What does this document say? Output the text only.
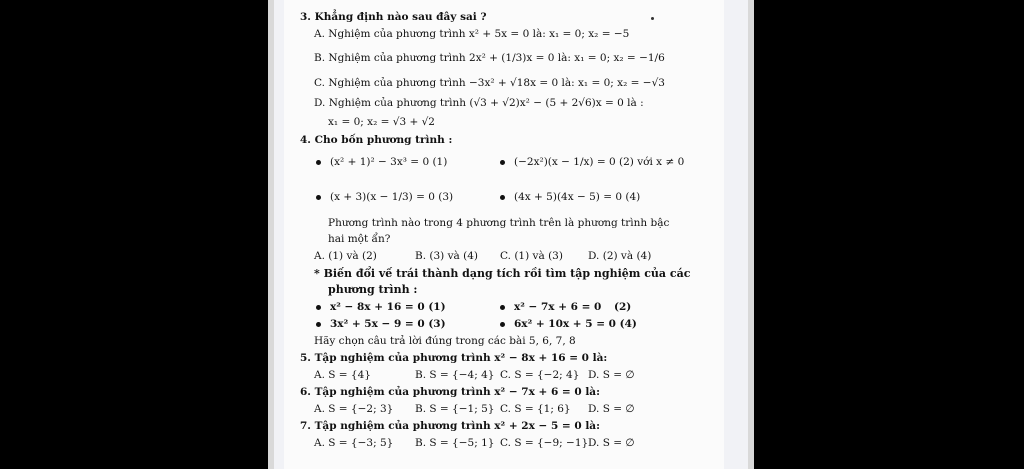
3. Khẳng định nào sau đây sai ?
A. Nghiệm của phương trình x² + 5x = 0 là: x₁ = 0; x₂ = −5
B. Nghiệm của phương trình 2x² + (1/3)x = 0 là: x₁ = 0; x₂ = −1/6
C. Nghiệm của phương trình −3x² + √18x = 0 là: x₁ = 0; x₂ = −√3
D. Nghiệm của phương trình (√3 + √2)x² − (5 + 2√6)x = 0 là :
x₁ = 0; x₂ = √3 + √2
4. Cho bốn phương trình :
(x² + 1)² − 3x³ = 0 (1)	(−2x²)(x − 1/x) = 0 (2) với x ≠ 0
(x + 3)(x − 1/3) = 0 (3)	(4x + 5)(4x − 5) = 0 (4)
Phương trình nào trong 4 phương trình trên là phương trình bậc
hai một ẩn?
A. (1) và (2)	B. (3) và (4) C. (1) và (3) D. (2) và (4)
* Biến đổi vế trái thành dạng tích rồi tìm tập nghiệm của các
phương trình :
x² − 8x + 16 = 0 (1)	x² − 7x + 6 = 0 (2)
3x² + 5x − 9 = 0 (3)	6x² + 10x + 5 = 0 (4)
Hãy chọn câu trả lời đúng trong các bài 5, 6, 7, 8
5. Tập nghiệm của phương trình x² − 8x + 16 = 0 là:
A. S = {4}	B. S = {−4; 4} C. S = {−2; 4} D. S = ∅
6. Tập nghiệm của phương trình x² − 7x + 6 = 0 là:
A. S = {−2; 3} B. S = {−1; 5} C. S = {1; 6} D. S = ∅
7. Tập nghiệm của phương trình x² + 2x − 5 = 0 là:
A. S = {−3; 5} B. S = {−5; 1} C. S = {−9; −1} D. S = ∅
